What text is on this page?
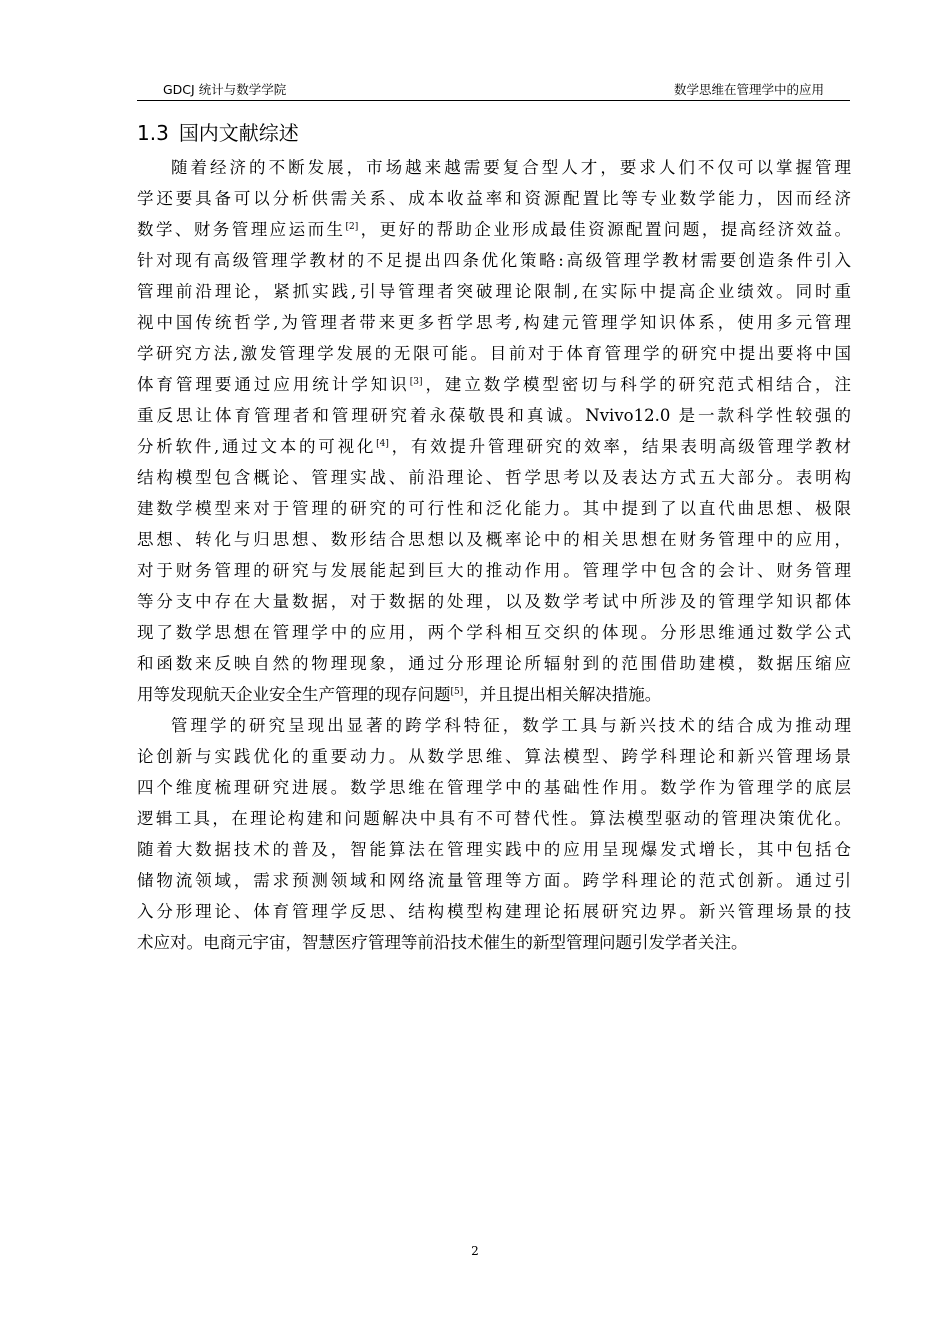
GDCJ 统计与数学学院	数学思维在管理学中的应用
1.3 国内文献综述
随着经济的不断发展，市场越来越需要复合型人才，要求人们不仅可以掌握管理
学还要具备可以分析供需关系、成本收益率和资源配置比等专业数学能力，因而经济
数学、财务管理应运而生[2]，更好的帮助企业形成最佳资源配置问题，提高经济效益。
针对现有高级管理学教材的不足提出四条优化策略:高级管理学教材需要创造条件引入
管理前沿理论，紧抓实践,引导管理者突破理论限制,在实际中提高企业绩效。同时重
视中国传统哲学,为管理者带来更多哲学思考,构建元管理学知识体系，使用多元管理
学研究方法,激发管理学发展的无限可能。目前对于体育管理学的研究中提出要将中国
体育管理要通过应用统计学知识[3]，建立数学模型密切与科学的研究范式相结合，注
重反思让体育管理者和管理研究着永葆敬畏和真诚。Nvivo12.0 是一款科学性较强的
分析软件,通过文本的可视化[4]，有效提升管理研究的效率，结果表明高级管理学教材
结构模型包含概论、管理实战、前沿理论、哲学思考以及表达方式五大部分。表明构
建数学模型来对于管理的研究的可行性和泛化能力。其中提到了以直代曲思想、极限
思想、转化与归思想、数形结合思想以及概率论中的相关思想在财务管理中的应用，
对于财务管理的研究与发展能起到巨大的推动作用。管理学中包含的会计、财务管理
等分支中存在大量数据，对于数据的处理，以及数学考试中所涉及的管理学知识都体
现了数学思想在管理学中的应用，两个学科相互交织的体现。分形思维通过数学公式
和函数来反映自然的物理现象，通过分形理论所辐射到的范围借助建模，数据压缩应
用等发现航天企业安全生产管理的现存问题[5]，并且提出相关解决措施。
管理学的研究呈现出显著的跨学科特征，数学工具与新兴技术的结合成为推动理
论创新与实践优化的重要动力。从数学思维、算法模型、跨学科理论和新兴管理场景
四个维度梳理研究进展。数学思维在管理学中的基础性作用。数学作为管理学的底层
逻辑工具，在理论构建和问题解决中具有不可替代性。算法模型驱动的管理决策优化。
随着大数据技术的普及，智能算法在管理实践中的应用呈现爆发式增长，其中包括仓
储物流领域，需求预测领域和网络流量管理等方面。跨学科理论的范式创新。通过引
入分形理论、体育管理学反思、结构模型构建理论拓展研究边界。新兴管理场景的技
术应对。电商元宇宙，智慧医疗管理等前沿技术催生的新型管理问题引发学者关注。
2
